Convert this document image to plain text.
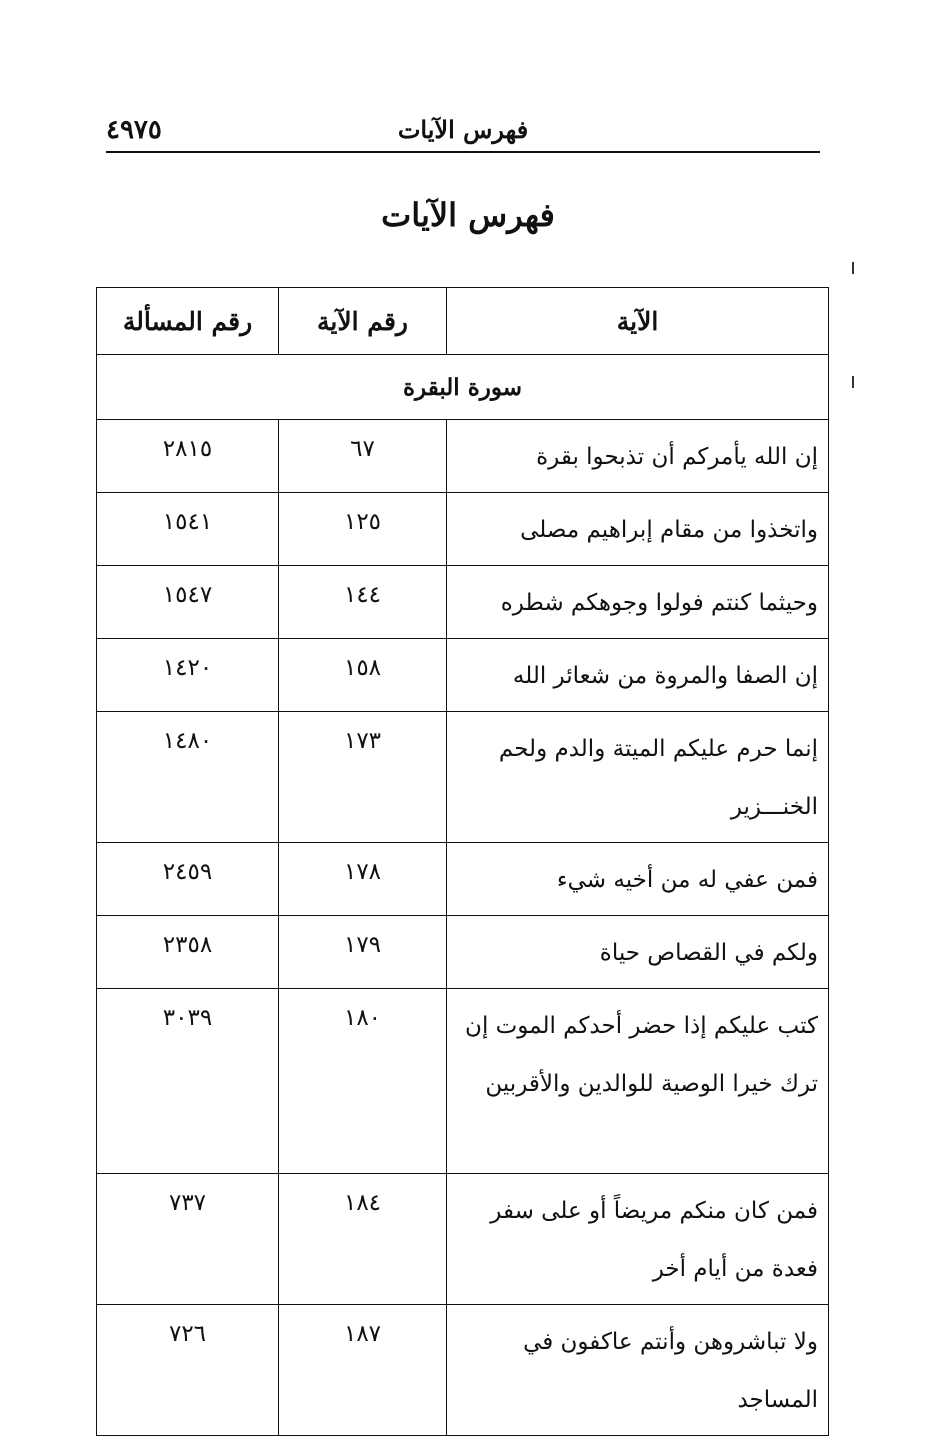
٤٩٧٥	فهرس الآيات
فهرس الآيات
الآية	رقم الآية	رقم المسألة
سورة البقرة		
إن الله يأمركم أن تذبحوا بقرة	٦٧	٢٨١٥
واتخذوا من مقام إبراهيم مصلى	١٢٥	١٥٤١
وحيثما كنتم فولوا وجوهكم شطره	١٤٤	١٥٤٧
إن الصفا والمروة من شعائر الله	١٥٨	١٤٢٠
إنما حرم عليكم الميتة والدم ولحم الخنـــزير	١٧٣	١٤٨٠
فمن عفي له من أخيه شيء	١٧٨	٢٤٥٩
ولكم في القصاص حياة	١٧٩	٢٣٥٨
كتب عليكم إذا حضر أحدكم الموت إن ترك خيرا الوصية للوالدين والأقربين	١٨٠	٣٠٣٩
فمن كان منكم مريضاً أو على سفر فعدة من أيام أخر	١٨٤	٧٣٧
ولا تباشروهن وأنتم عاكفون في المساجد	١٨٧	٧٢٦
